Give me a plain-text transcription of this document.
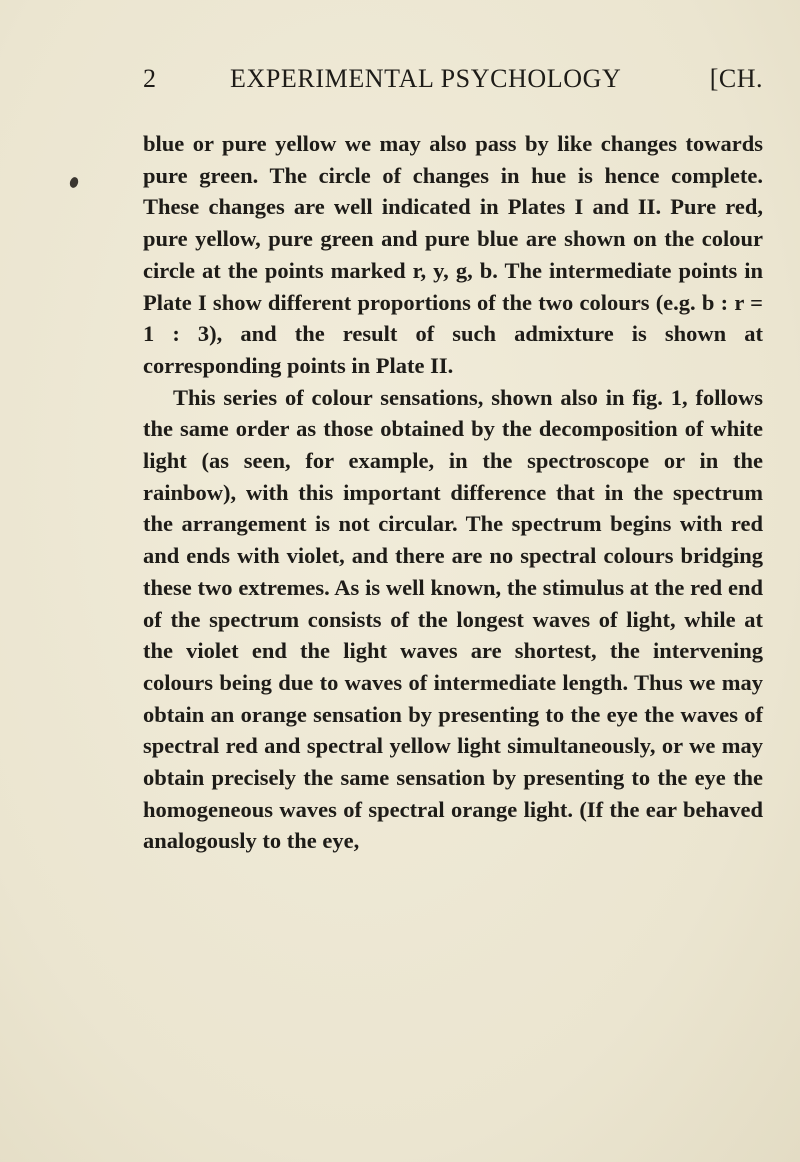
2	EXPERIMENTAL PSYCHOLOGY	[CH.

blue or pure yellow we may also pass by like changes towards pure green. The circle of changes in hue is hence complete. These changes are well indicated in Plates I and II. Pure red, pure yellow, pure green and pure blue are shown on the colour circle at the points marked r, y, g, b. The intermediate points in Plate I show different proportions of the two colours (e.g. b : r = 1 : 3), and the result of such admixture is shown at corresponding points in Plate II.

This series of colour sensations, shown also in fig. 1, follows the same order as those obtained by the decomposition of white light (as seen, for example, in the spectroscope or in the rainbow), with this important difference that in the spectrum the arrangement is not circular. The spectrum begins with red and ends with violet, and there are no spectral colours bridging these two extremes. As is well known, the stimulus at the red end of the spectrum consists of the longest waves of light, while at the violet end the light waves are shortest, the intervening colours being due to waves of intermediate length. Thus we may obtain an orange sensation by presenting to the eye the waves of spectral red and spectral yellow light simultaneously, or we may obtain precisely the same sensation by presenting to the eye the homogeneous waves of spectral orange light. (If the ear behaved analogously to the eye,
